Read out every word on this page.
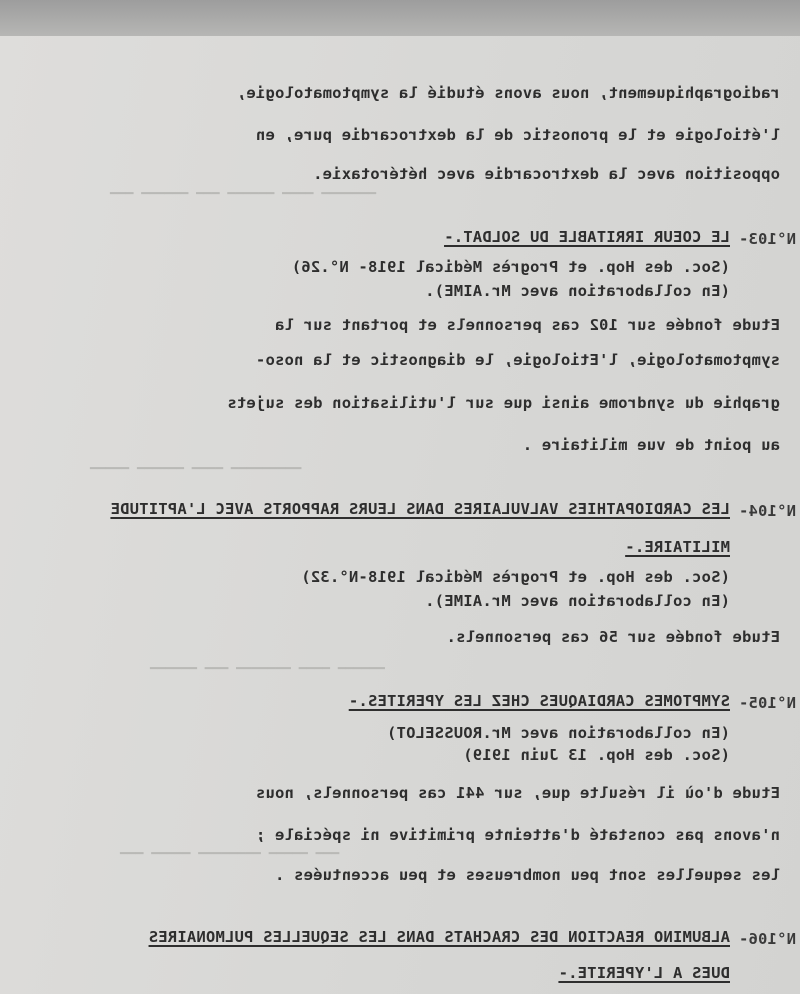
▁▁▁ ▁▁▁▁▁▁ ▁▁▁ ▁▁▁▁▁▁ ▁▁▁▁ ▁▁▁▁▁▁▁
▁▁▁▁▁ ▁▁▁▁▁▁ ▁▁▁▁ ▁▁▁▁▁▁▁▁▁
▁▁▁▁▁▁ ▁▁▁ ▁▁▁▁▁▁▁ ▁▁▁▁ ▁▁▁▁▁▁
▁▁▁ ▁▁▁▁▁ ▁▁▁▁▁▁▁▁ ▁▁▁▁▁ ▁▁▁
radiographiquement, nous avons étudié la symptomatologie,
l'étiologie et le pronostic de la dextrocardie pure, en
opposition avec la dextrocardie avec hétérotaxie.
N°103-
LE COEUR IRRITABLE DU SOLDAT.-
(Soc. des Hop. et Progrès Médical 1918- N°.26)
(En collaboration avec Mr.AIME).
Etude fondée sur 102 cas personnels et portant sur la
symptomatologie, l'Etiologie, le diagnostic et la noso-
graphie du syndrome ainsi que sur l'utilisation des sujets
au point de vue militaire .
N°104-
LES CARDIOPATHIES VALVULAIRES DANS LEURS RAPPORTS AVEC L'APTITUDE
MILITAIRE.-
(Soc. des Hop. et Progrès Médical 1918-N°.32)
(En collaboration avec Mr.AIME).
Etude fondée sur 56 cas personnels.
N°105-
SYMPTOMES CARDIAQUES CHEZ LES YPERITES.-
(En collaboration avec Mr.ROUSSELOT)
(Soc. des Hop. 13 Juin 1919)
Etude d'où il résulte que, sur 441 cas personnels, nous
n'avons pas constaté d'atteinte primitive ni spéciale ;
les sequelles sont peu nombreuses et peu accentuées .
N°106-
ALBUMINO REACTION DES CRACHATS DANS LES SEQUELLES PULMONAIRES
DUES A L'YPERITE.-
